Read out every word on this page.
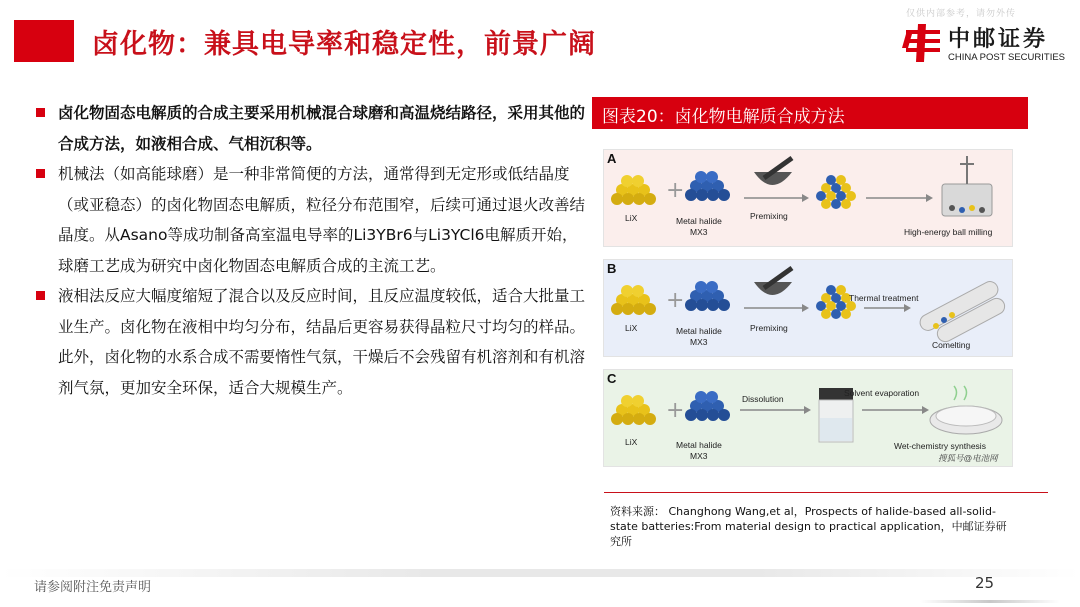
卤化物：兼具电导率和稳定性，前景广阔
仅供内部参考，请勿外传
中邮证券
CHINA POST SECURITIES
卤化物固态电解质的合成主要采用机械混合球磨和高温烧结路径，采用其他的合成方法，如液相合成、气相沉积等。
机械法（如高能球磨）是一种非常简便的方法，通常得到无定形或低结晶度（或亚稳态）的卤化物固态电解质，粒径分布范围窄，后续可通过退火改善结晶度。从Asano等成功制备高室温电导率的Li3YBr6与Li3YCl6电解质开始，球磨工艺成为研究中卤化物固态电解质合成的主流工艺。
液相法反应大幅度缩短了混合以及反应时间，且反应温度较低，适合大批量工业生产。卤化物在液相中均匀分布，结晶后更容易获得晶粒尺寸均匀的样品。此外，卤化物的水系合成不需要惰性气氛，干燥后不会残留有机溶剂和有机溶剂气氛，更加安全环保，适合大规模生产。
图表20：卤化物电解质合成方法
+
A
LiX	Metal halide
MX3
Premixing
High-energy ball milling
+
B
LiX	Metal halide
MX3
Premixing
Thermal treatment
Comelting
+
C
LiX	Metal halide
MX3
Dissolution
Solvent evaporation
Wet-chemistry synthesis
搜狐号@电池网
资料来源： Changhong Wang,et al，Prospects of halide-based all-solid-state batteries:From material design to practical application，中邮证券研究所
请参阅附注免责声明	25
